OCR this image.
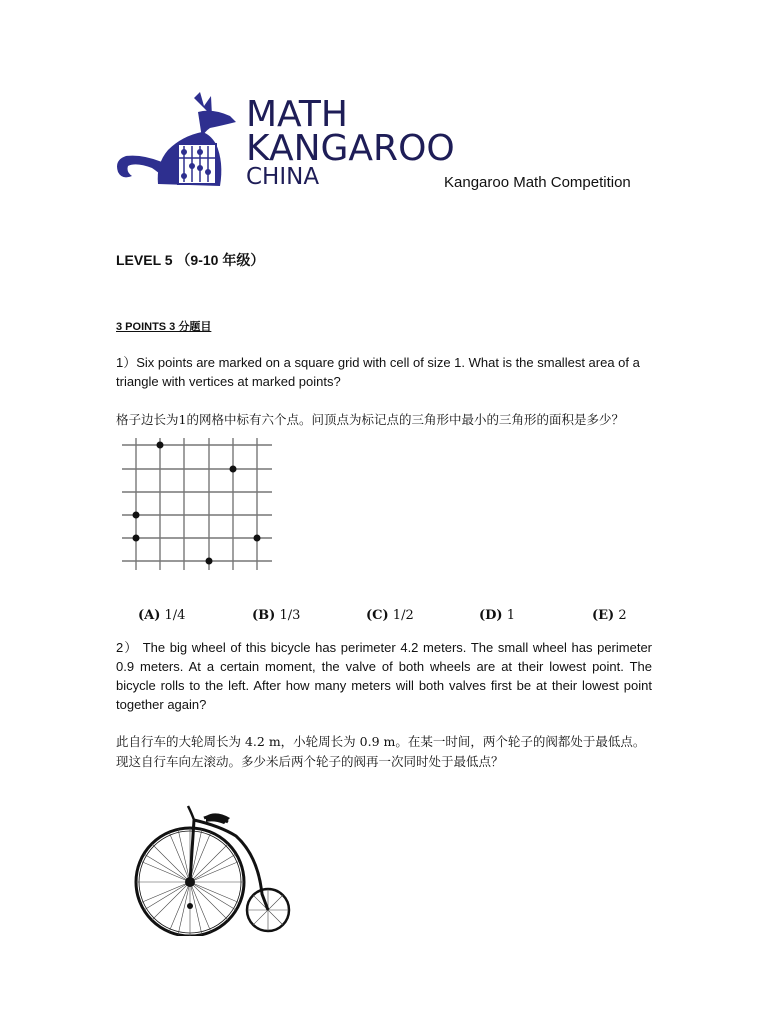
MATH
KANGAROO
CHINA	Kangaroo Math Competition
LEVEL 5 （9-10 年级）
3 POINTS 3 分题目
1）Six points are marked on a square grid with cell of size 1. What is the smallest area of a triangle with vertices at marked points?
格子边长为1的网格中标有六个点。问顶点为标记点的三角形中最小的三角形的面积是多少？
(A) 1/4	(B) 1/3	(C) 1/2	(D) 1	(E) 2
2） The big wheel of this bicycle has perimeter 4.2 meters. The small wheel has perimeter 0.9 meters. At a certain moment, the valve of both wheels are at their lowest point. The bicycle rolls to the left. After how many meters will both valves first be at their lowest point together again?
此自行车的大轮周长为 4.2 m，小轮周长为 0.9 m。在某一时间，两个轮子的阀都处于最低点。现这自行车向左滚动。多少米后两个轮子的阀再一次同时处于最低点？
